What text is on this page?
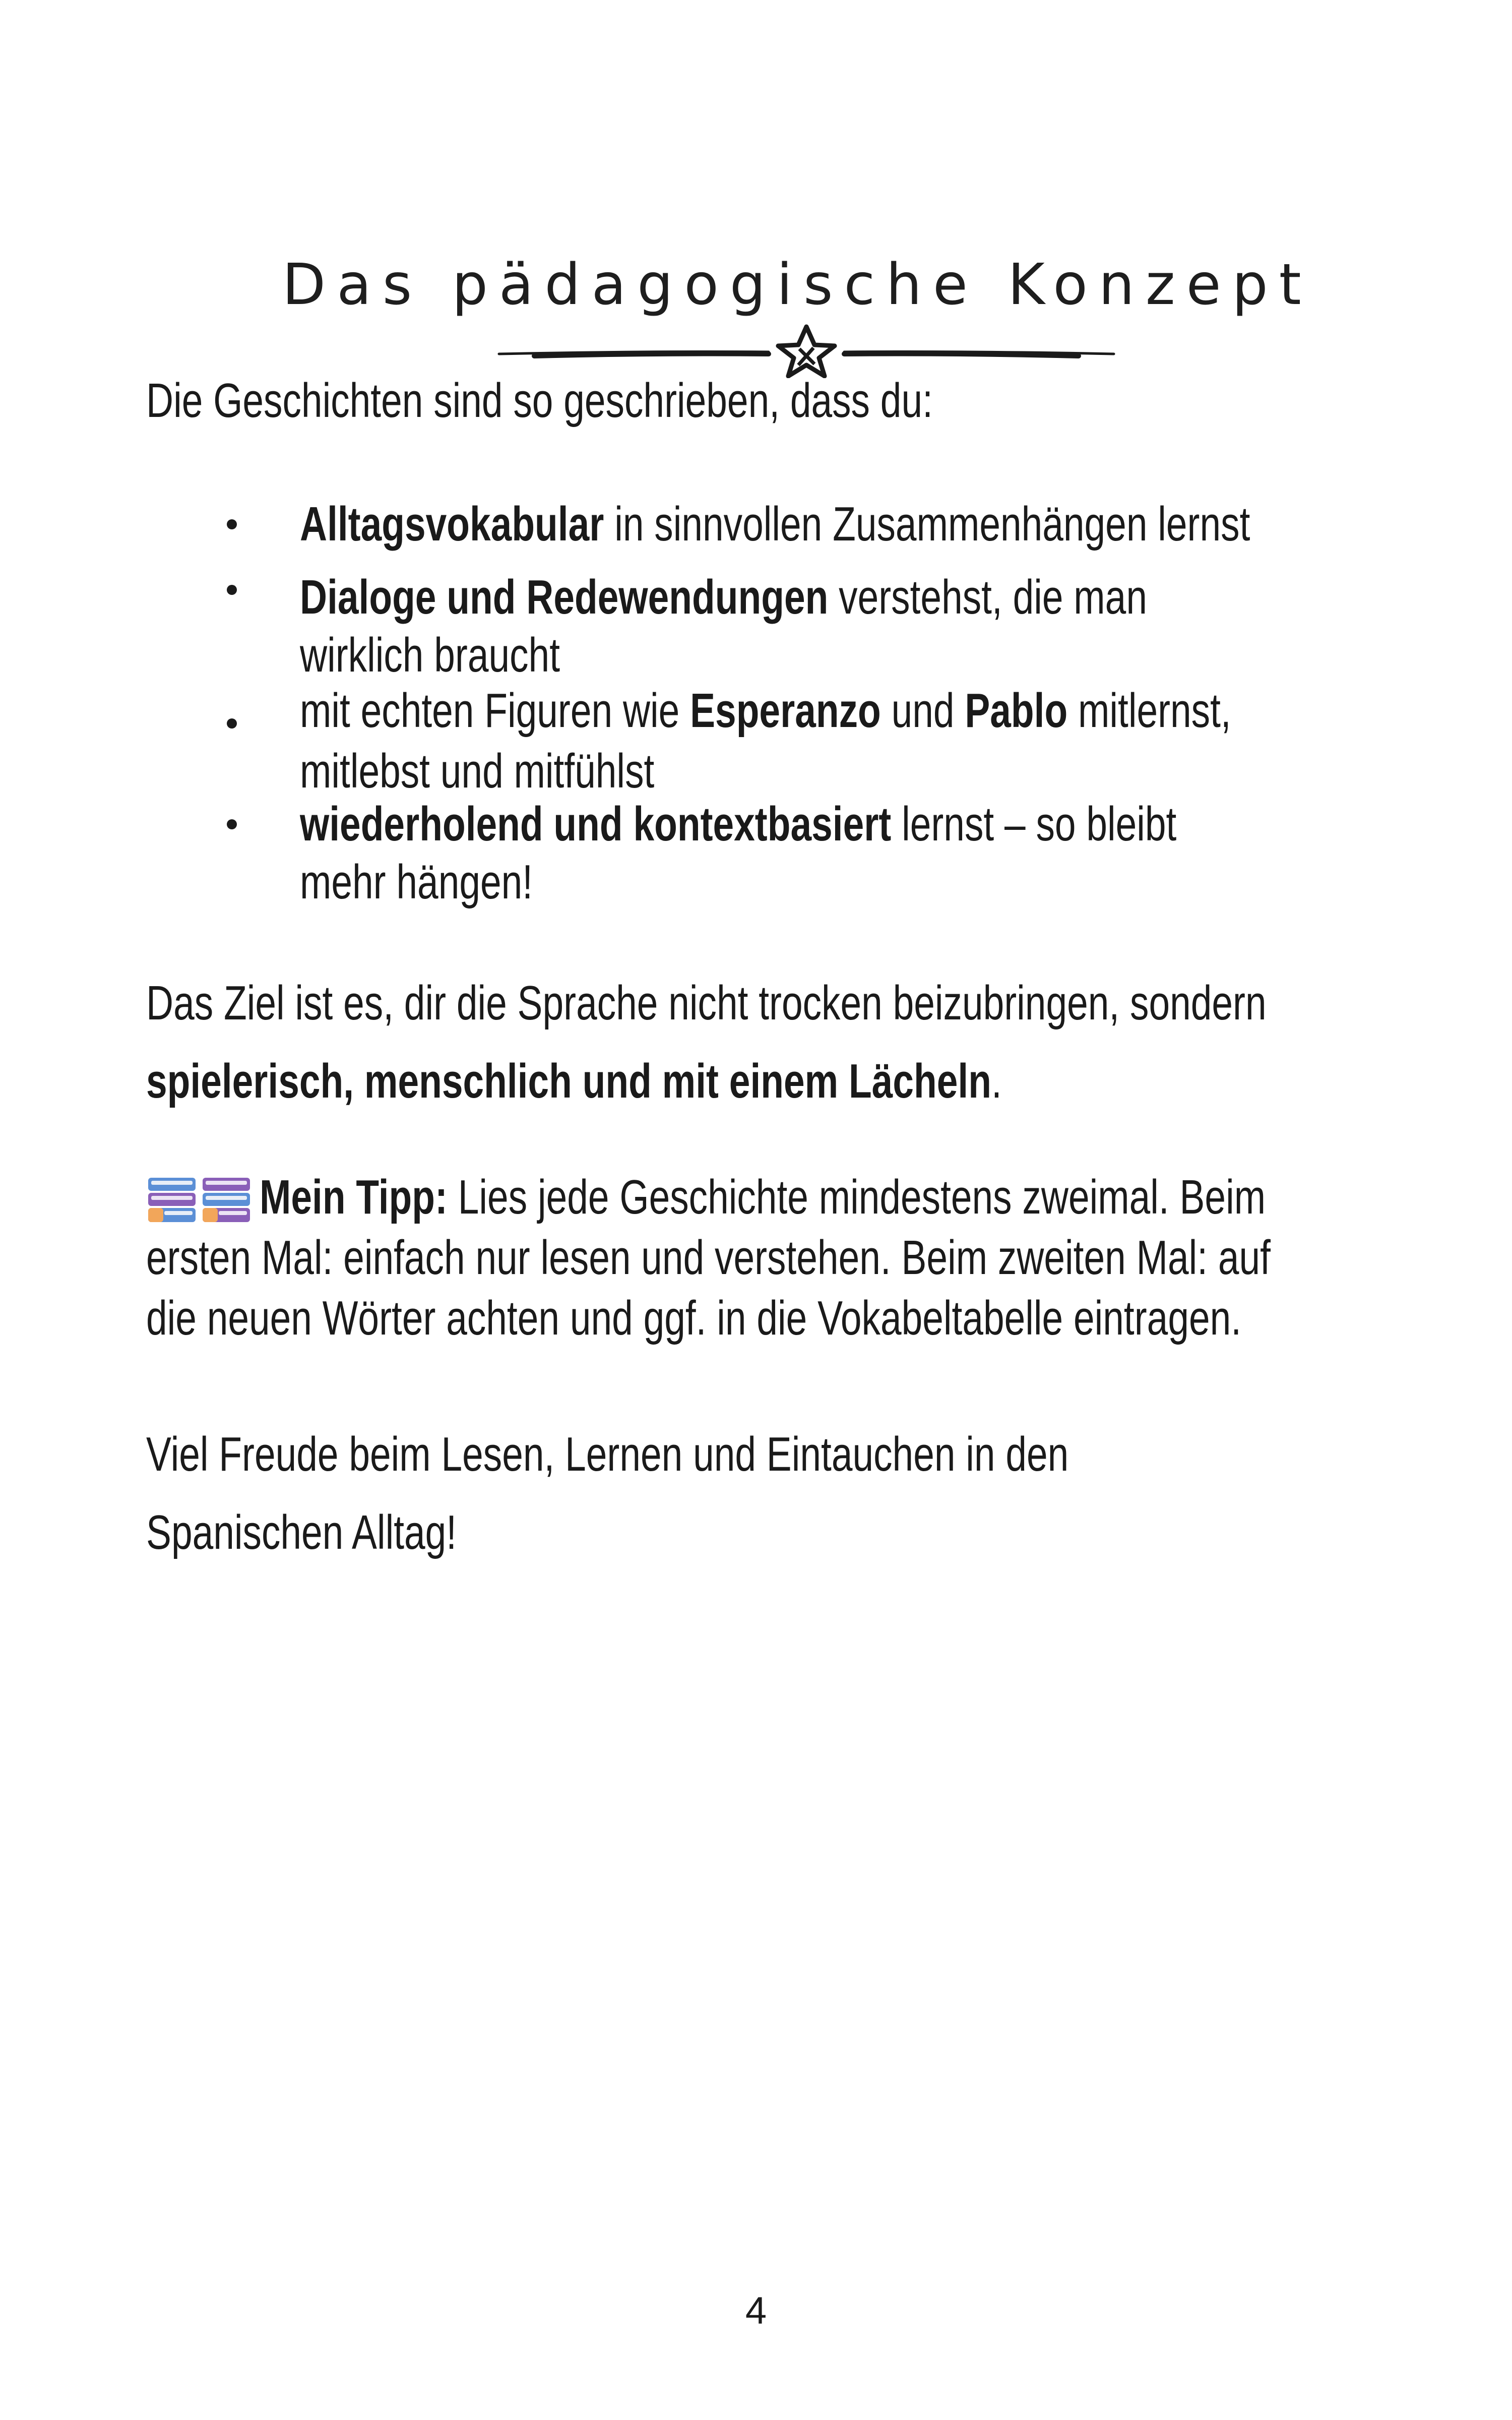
Das pädagogische Konzept
Die Geschichten sind so geschrieben, dass du:
Alltagsvokabular in sinnvollen Zusammenhängen lernst
Dialoge und Redewendungen verstehst, die man
wirklich braucht
mit echten Figuren wie Esperanzo und Pablo mitlernst,
mitlebst und mitfühlst
wiederholend und kontextbasiert lernst – so bleibt
mehr hängen!
Das Ziel ist es, dir die Sprache nicht trocken beizubringen, sondern
spielerisch, menschlich und mit einem Lächeln.
Mein Tipp: Lies jede Geschichte mindestens zweimal. Beim
ersten Mal: einfach nur lesen und verstehen. Beim zweiten Mal: auf
die neuen Wörter achten und ggf. in die Vokabeltabelle eintragen.
Viel Freude beim Lesen, Lernen und Eintauchen in den
Spanischen Alltag!
4
